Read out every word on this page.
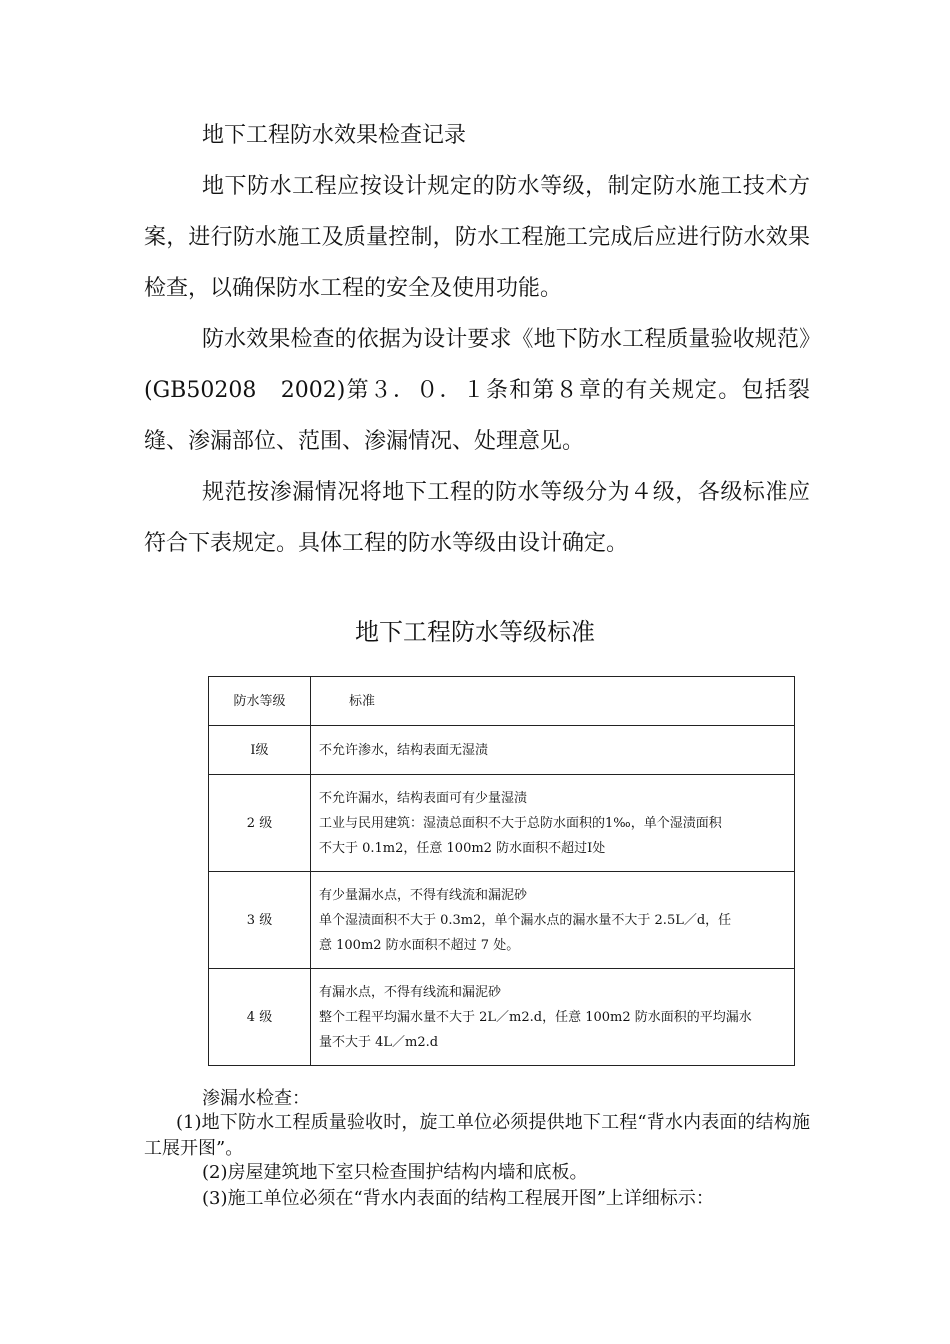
地下工程防水效果检查记录

地下防水工程应按设计规定的防水等级，制定防水施工技术方案，进行防水施工及质量控制，防水工程施工完成后应进行防水效果检查，以确保防水工程的安全及使用功能。

防水效果检查的依据为设计要求《地下防水工程质量验收规范》(GB50208　2002)第３．０．１条和第８章的有关规定。包括裂缝、渗漏部位、范围、渗漏情况、处理意见。

规范按渗漏情况将地下工程的防水等级分为４级，各级标准应符合下表规定。具体工程的防水等级由设计确定。

地下工程防水等级标准
防水等级	标准
Ⅰ级	不允许渗水，结构表面无湿渍

2 级	不允许漏水，结构表面可有少量湿渍
工业与民用建筑：湿渍总面积不大于总防水面积的1‰，单个湿渍面积
不大于 0.1m2，任意 100m2 防水面积不超过Ⅰ处

3 级	有少量漏水点，不得有线流和漏泥砂
单个湿渍面积不大于 0.3m2，单个漏水点的漏水量不大于 2.5L／d，任
意 100m2 防水面积不超过 7 处。

4 级	有漏水点，不得有线流和漏泥砂
整个工程平均漏水量不大于 2L／m2.d，任意 100m2 防水面积的平均漏水
量不大于 4L／m2.d
渗漏水检查：

(1)地下防水工程质量验收时，旋工单位必须提供地下工程“背水内表面的结构施工展开图”。

(2)房屋建筑地下室只检查围护结构内墙和底板。

(3)施工单位必须在“背水内表面的结构工程展开图”上详细标示：
